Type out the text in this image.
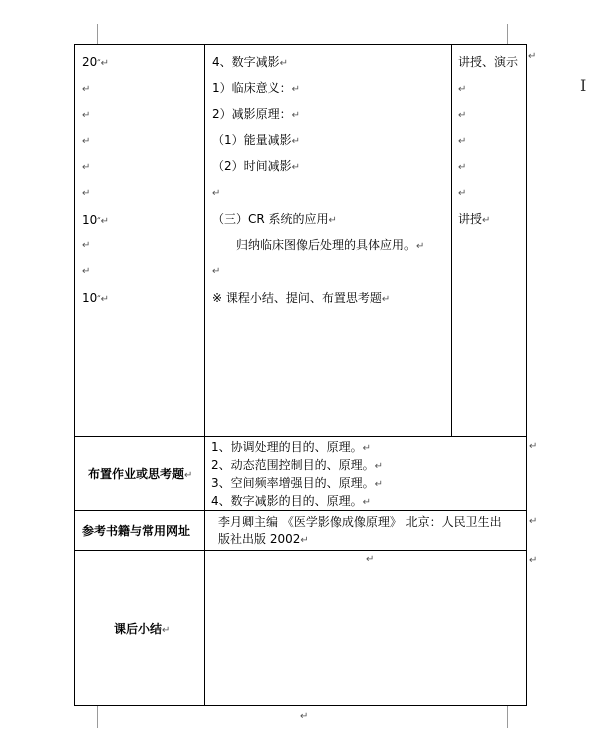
20″↵
↵
↵
↵
↵
↵
10″↵
↵
↵
10″↵
4、数字减影↵
1）临床意义：↵
2）减影原理：↵
（1）能量减影↵
（2）时间减影↵
↵
（三）CR 系统的应用↵
归纳临床图像后处理的具体应用。↵
↵
※ 课程小结、提问、布置思考题↵
讲授、演示 ↵
↵
↵
↵
↵
↵
讲授↵
布置作业或思考题↵
1、协调处理的目的、原理。↵
2、动态范围控制目的、原理。↵
3、空间频率增强目的、原理。↵
4、数字减影的目的、原理。↵
↵
参考书籍与常用网址
李月卿主编 《医学影像成像原理》 北京：人民卫生出
版社出版 2002↵
↵
课后小结↵
↵	↵
↵
I
